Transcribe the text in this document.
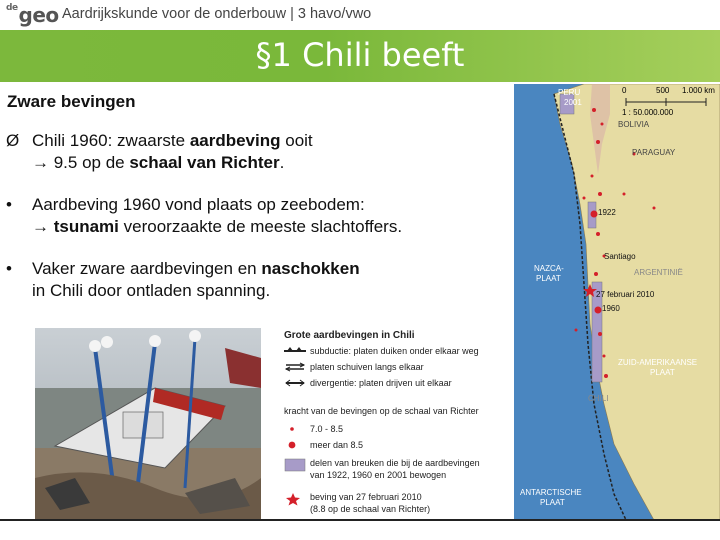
$^{de}$geo Aardrijkskunde voor de onderbouw | 3 havo/vwo
§1 Chili beeft
Zware bevingen
Ø Chili 1960: zwaarste aardbeving ooit
→ 9.5 op de schaal van Richter.
• Aardbeving 1960 vond plaats op zeebodem:
→ tsunami veroorzaakte de meeste slachtoffers.
• Vaker zware aardbevingen en naschokken
in Chili door ontladen spanning.
Grote aardbevingen in Chili
subductie: platen duiken onder elkaar weg
platen schuiven langs elkaar
divergentie: platen drijven uit elkaar
kracht van de bevingen op de schaal van Richter
7.0 - 8.5
meer dan 8.5
delen van breuken die bij de aardbevingen
van 1922, 1960 en 2001 bewogen
beving van 27 februari 2010
(8.8 op de schaal van Richter)
0	500 1.000 km
1 : 50.000.000
PERU
2001
BOLIVIA
PARAGUAY
1922
Santiago
NAZCA-
PLAAT
ARGENTINIË
27 februari 2010
1960
ZUID-AMERIKAANSE
PLAAT
CHILI
ANTARCTISCHE
PLAAT
